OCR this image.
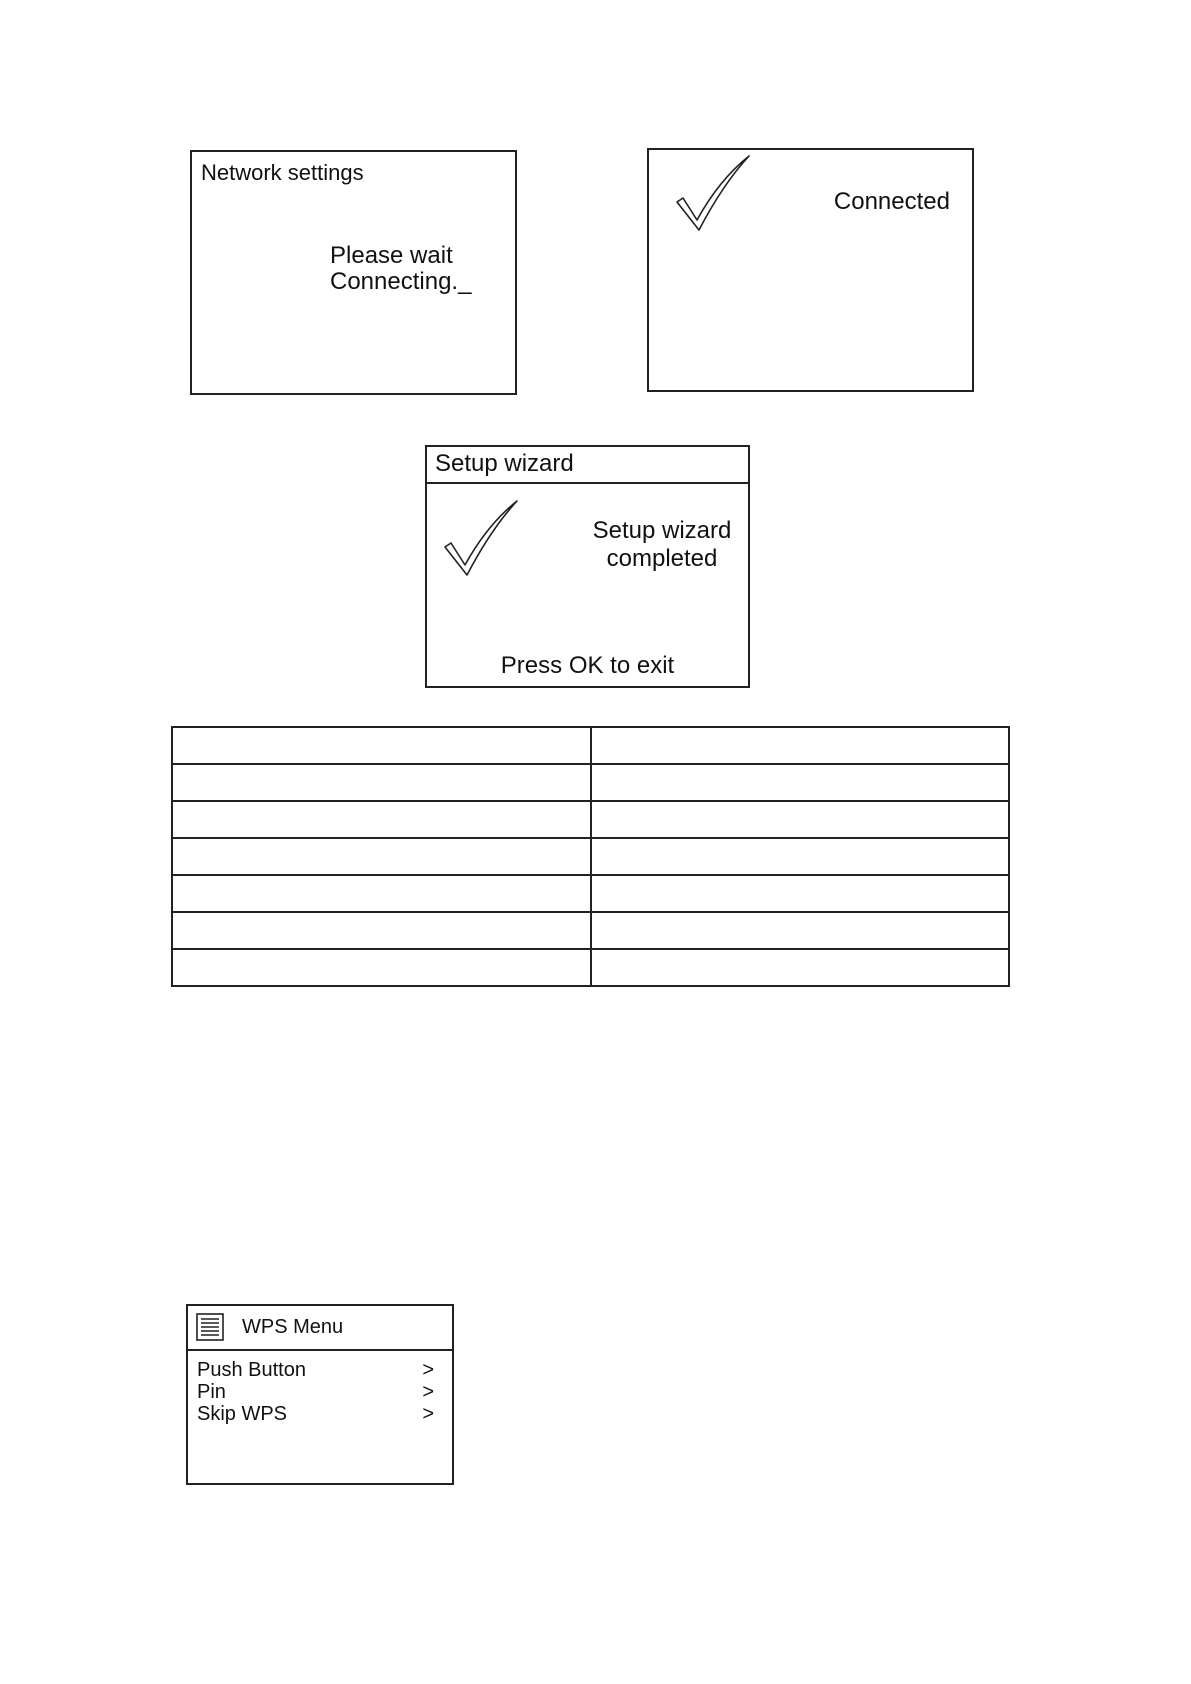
Network settings
Please wait
Connecting._
Connected
Setup wizard
Setup wizard
completed
Press OK to exit

WPS Menu
Push Button	>
Pin	>
Skip WPS	>
